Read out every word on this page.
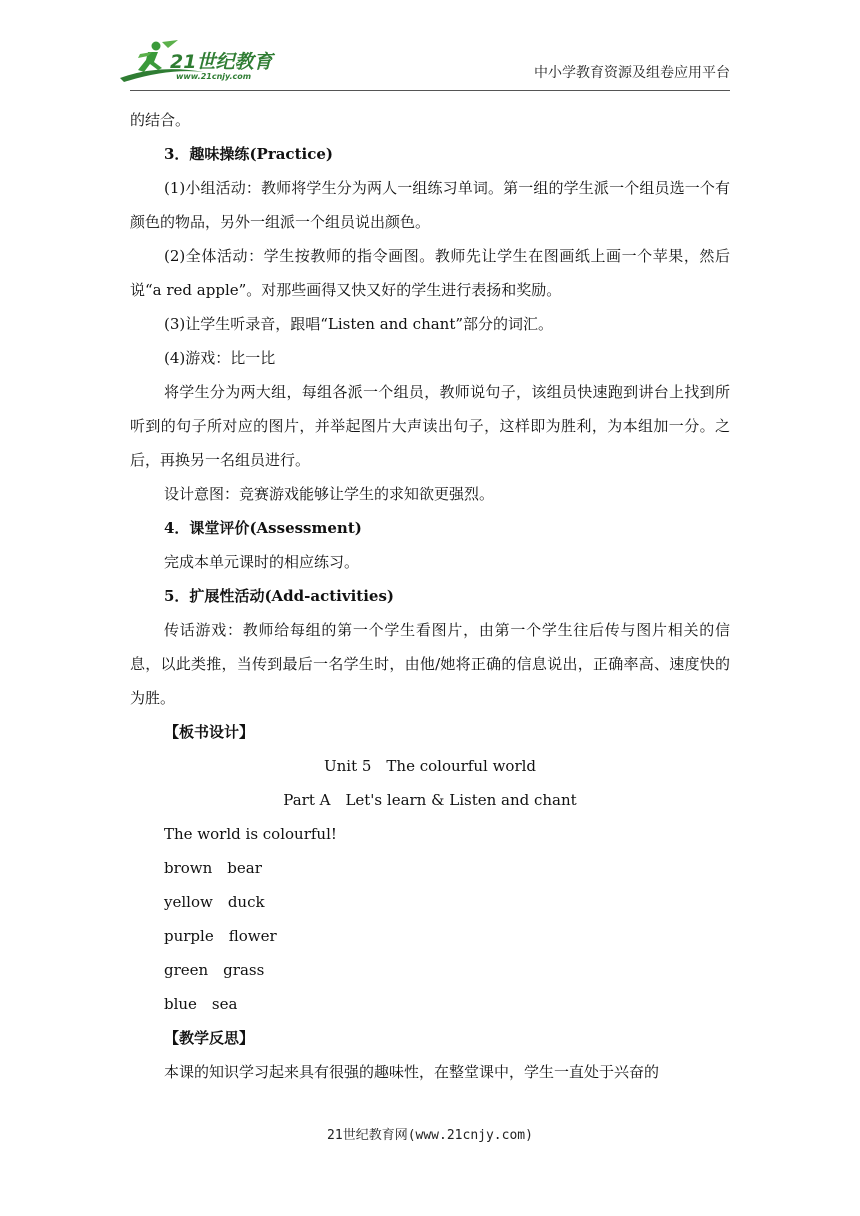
21世纪教育
www.21cnjy.com	中小学教育资源及组卷应用平台

的结合。

3．趣味操练(Practice)

(1)小组活动：教师将学生分为两人一组练习单词。第一组的学生派一个组员选一个有颜色的物品，另外一组派一个组员说出颜色。

(2)全体活动：学生按教师的指令画图。教师先让学生在图画纸上画一个苹果，然后说“a red apple”。对那些画得又快又好的学生进行表扬和奖励。

(3)让学生听录音，跟唱“Listen and chant”部分的词汇。

(4)游戏：比一比

将学生分为两大组，每组各派一个组员，教师说句子，该组员快速跑到讲台上找到所听到的句子所对应的图片，并举起图片大声读出句子，这样即为胜利，为本组加一分。之后，再换另一名组员进行。

设计意图：竞赛游戏能够让学生的求知欲更强烈。

4．课堂评价(Assessment)

完成本单元课时的相应练习。

5．扩展性活动(Add-activities)

传话游戏：教师给每组的第一个学生看图片，由第一个学生往后传与图片相关的信息，以此类推，当传到最后一名学生时，由他/她将正确的信息说出，正确率高、速度快的为胜。

【板书设计】

Unit 5　The colourful world

Part A　Let's learn & Listen and chant

The world is colourful!

brown　bear

yellow　duck

purple　flower

green　grass

blue　sea

【教学反思】

本课的知识学习起来具有很强的趣味性，在整堂课中，学生一直处于兴奋的

21世纪教育网(www.21cnjy.com)
